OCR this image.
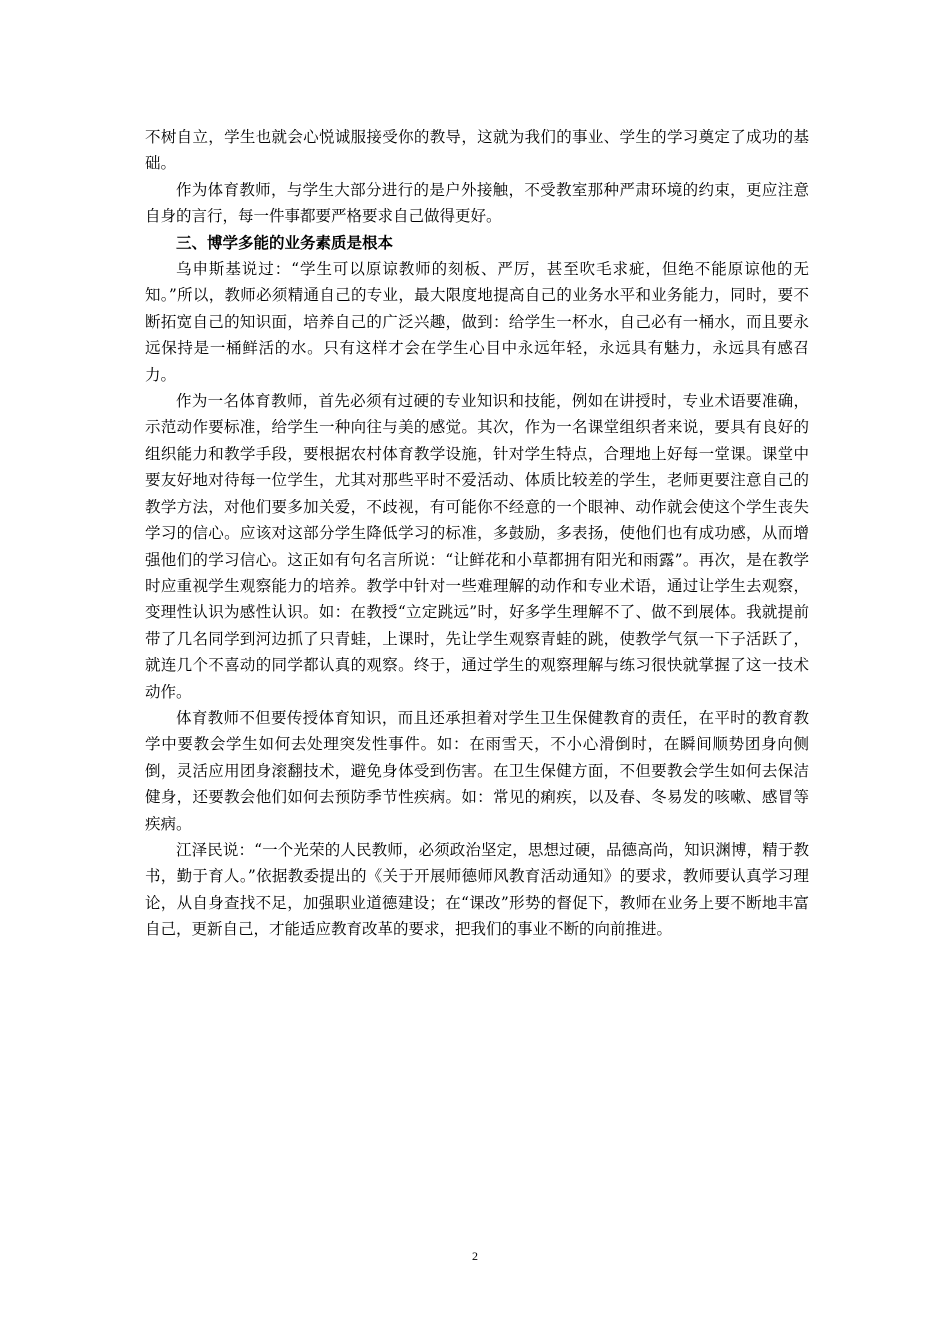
不树自立，学生也就会心悦诚服接受你的教导，这就为我们的事业、学生的学习奠定了成功的基础。

作为体育教师，与学生大部分进行的是户外接触，不受教室那种严肃环境的约束，更应注意自身的言行，每一件事都要严格要求自己做得更好。

三、博学多能的业务素质是根本

乌申斯基说过：“学生可以原谅教师的刻板、严厉，甚至吹毛求疵，但绝不能原谅他的无知。”所以，教师必须精通自己的专业，最大限度地提高自己的业务水平和业务能力，同时，要不断拓宽自己的知识面，培养自己的广泛兴趣，做到：给学生一杯水，自己必有一桶水，而且要永远保持是一桶鲜活的水。只有这样才会在学生心目中永远年轻，永远具有魅力，永远具有感召力。

作为一名体育教师，首先必须有过硬的专业知识和技能，例如在讲授时，专业术语要准确，示范动作要标准，给学生一种向往与美的感觉。其次，作为一名课堂组织者来说，要具有良好的组织能力和教学手段，要根据农村体育教学设施，针对学生特点，合理地上好每一堂课。课堂中要友好地对待每一位学生，尤其对那些平时不爱活动、体质比较差的学生，老师更要注意自己的教学方法，对他们要多加关爱，不歧视，有可能你不经意的一个眼神、动作就会使这个学生丧失学习的信心。应该对这部分学生降低学习的标准，多鼓励，多表扬，使他们也有成功感，从而增强他们的学习信心。这正如有句名言所说：“让鲜花和小草都拥有阳光和雨露”。再次，是在教学时应重视学生观察能力的培养。教学中针对一些难理解的动作和专业术语，通过让学生去观察，变理性认识为感性认识。如：在教授“立定跳远”时，好多学生理解不了、做不到展体。我就提前带了几名同学到河边抓了只青蛙，上课时，先让学生观察青蛙的跳，使教学气氛一下子活跃了，就连几个不喜动的同学都认真的观察。终于，通过学生的观察理解与练习很快就掌握了这一技术动作。

体育教师不但要传授体育知识，而且还承担着对学生卫生保健教育的责任，在平时的教育教学中要教会学生如何去处理突发性事件。如：在雨雪天，不小心滑倒时，在瞬间顺势团身向侧倒，灵活应用团身滚翻技术，避免身体受到伤害。在卫生保健方面，不但要教会学生如何去保洁健身，还要教会他们如何去预防季节性疾病。如：常见的痢疾，以及春、冬易发的咳嗽、感冒等疾病。

江泽民说：“一个光荣的人民教师，必须政治坚定，思想过硬，品德高尚，知识渊博，精于教书，勤于育人。”依据教委提出的《关于开展师德师风教育活动通知》的要求，教师要认真学习理论，从自身查找不足，加强职业道德建设；在“课改”形势的督促下，教师在业务上要不断地丰富自己，更新自己，才能适应教育改革的要求，把我们的事业不断的向前推进。

2
